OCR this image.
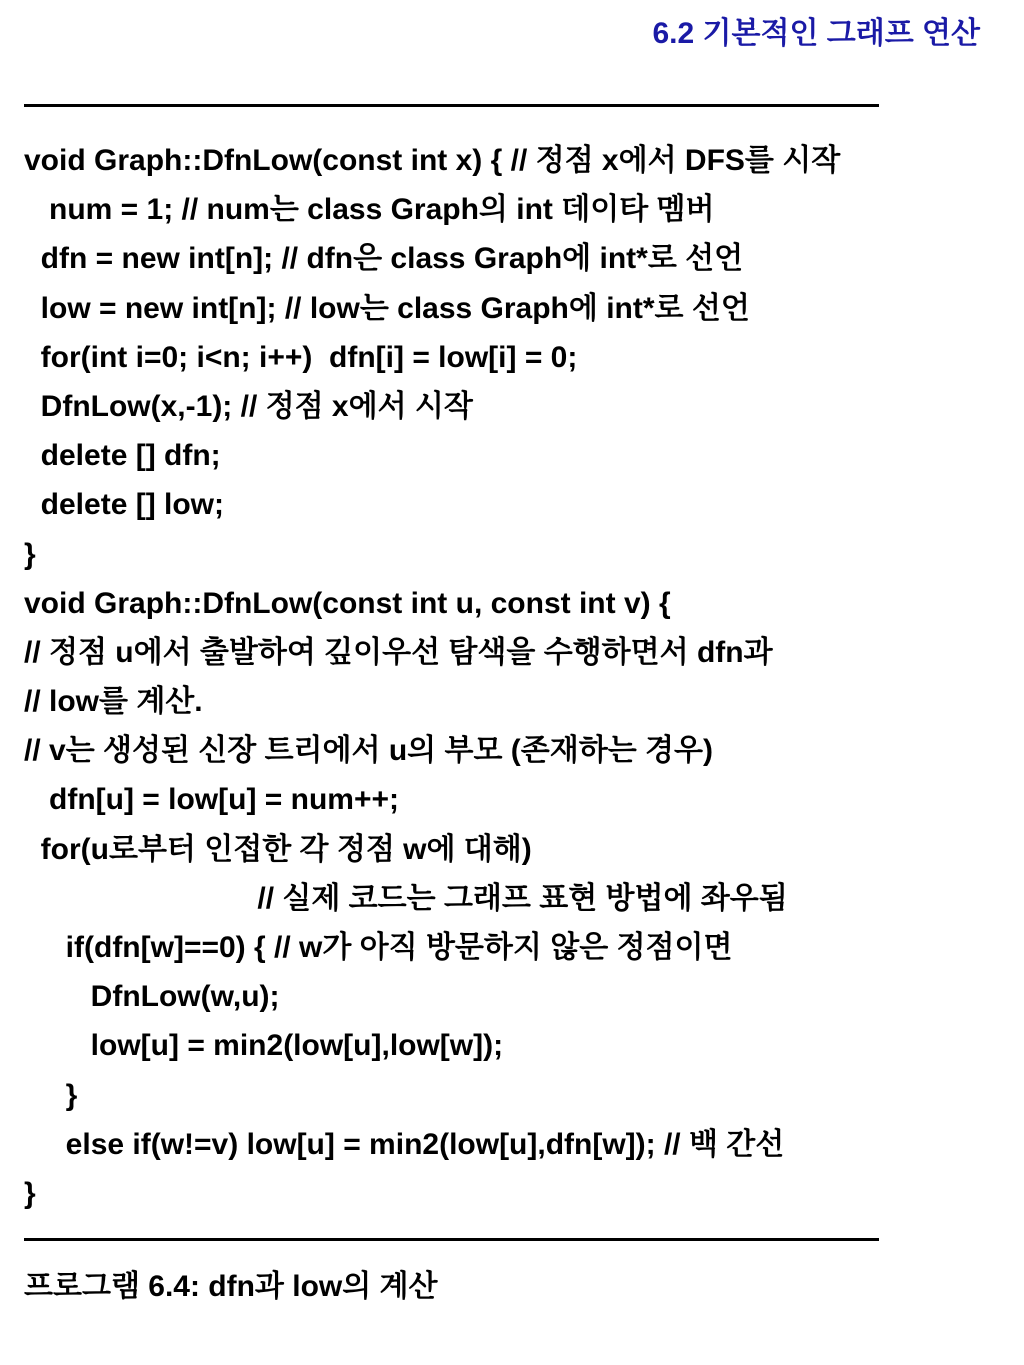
6.2 기본적인 그래프 연산
void Graph::DfnLow(const int x) { // 정점 x에서 DFS를 시작
num = 1; // num는 class Graph의 int 데이타 멤버
dfn = new int[n]; // dfn은 class Graph에 int*로 선언
low = new int[n]; // low는 class Graph에 int*로 선언
for(int i=0; i<n; i++)  dfn[i] = low[i] = 0;
DfnLow(x,-1); // 정점 x에서 시작
delete [] dfn;
delete [] low;
}
void Graph::DfnLow(const int u, const int v) {
// 정점 u에서 출발하여 깊이우선 탐색을 수행하면서 dfn과
// low를 계산.
// v는 생성된 신장 트리에서 u의 부모 (존재하는 경우)
dfn[u] = low[u] = num++;
for(u로부터 인접한 각 정점 w에 대해)
// 실제 코드는 그래프 표현 방법에 좌우됨
if(dfn[w]==0) { // w가 아직 방문하지 않은 정점이면
DfnLow(w,u);
low[u] = min2(low[u],low[w]);
}
else if(w!=v) low[u] = min2(low[u],dfn[w]); // 백 간선
}
프로그램 6.4: dfn과 low의 계산
